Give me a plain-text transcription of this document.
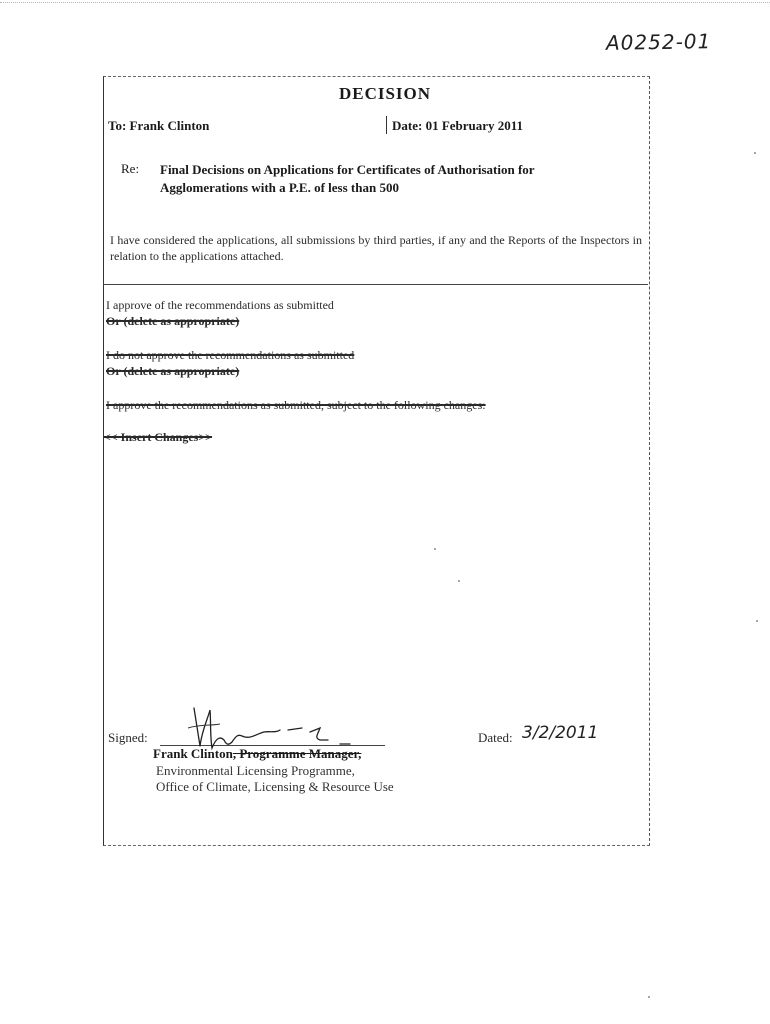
A0252-01
DECISION
To: Frank Clinton	Date: 01 February 2011
Re: Final Decisions on Applications for Certificates of Authorisation for
Agglomerations with a P.E. of less than 500
I have considered the applications, all submissions by third parties, if any and the Reports of the Inspectors in relation to the applications attached.
I approve of the recommendations as submitted
Or (delete as appropriate)
I do not approve the recommendations as submitted
Or (delete as appropriate)
I approve the recommendations as submitted, subject to the following changes:
<< Insert Changes>>
Signed:	Dated: 3/2/2011
Frank Clinton, Programme Manager,
Environmental Licensing Programme,
Office of Climate, Licensing & Resource Use
